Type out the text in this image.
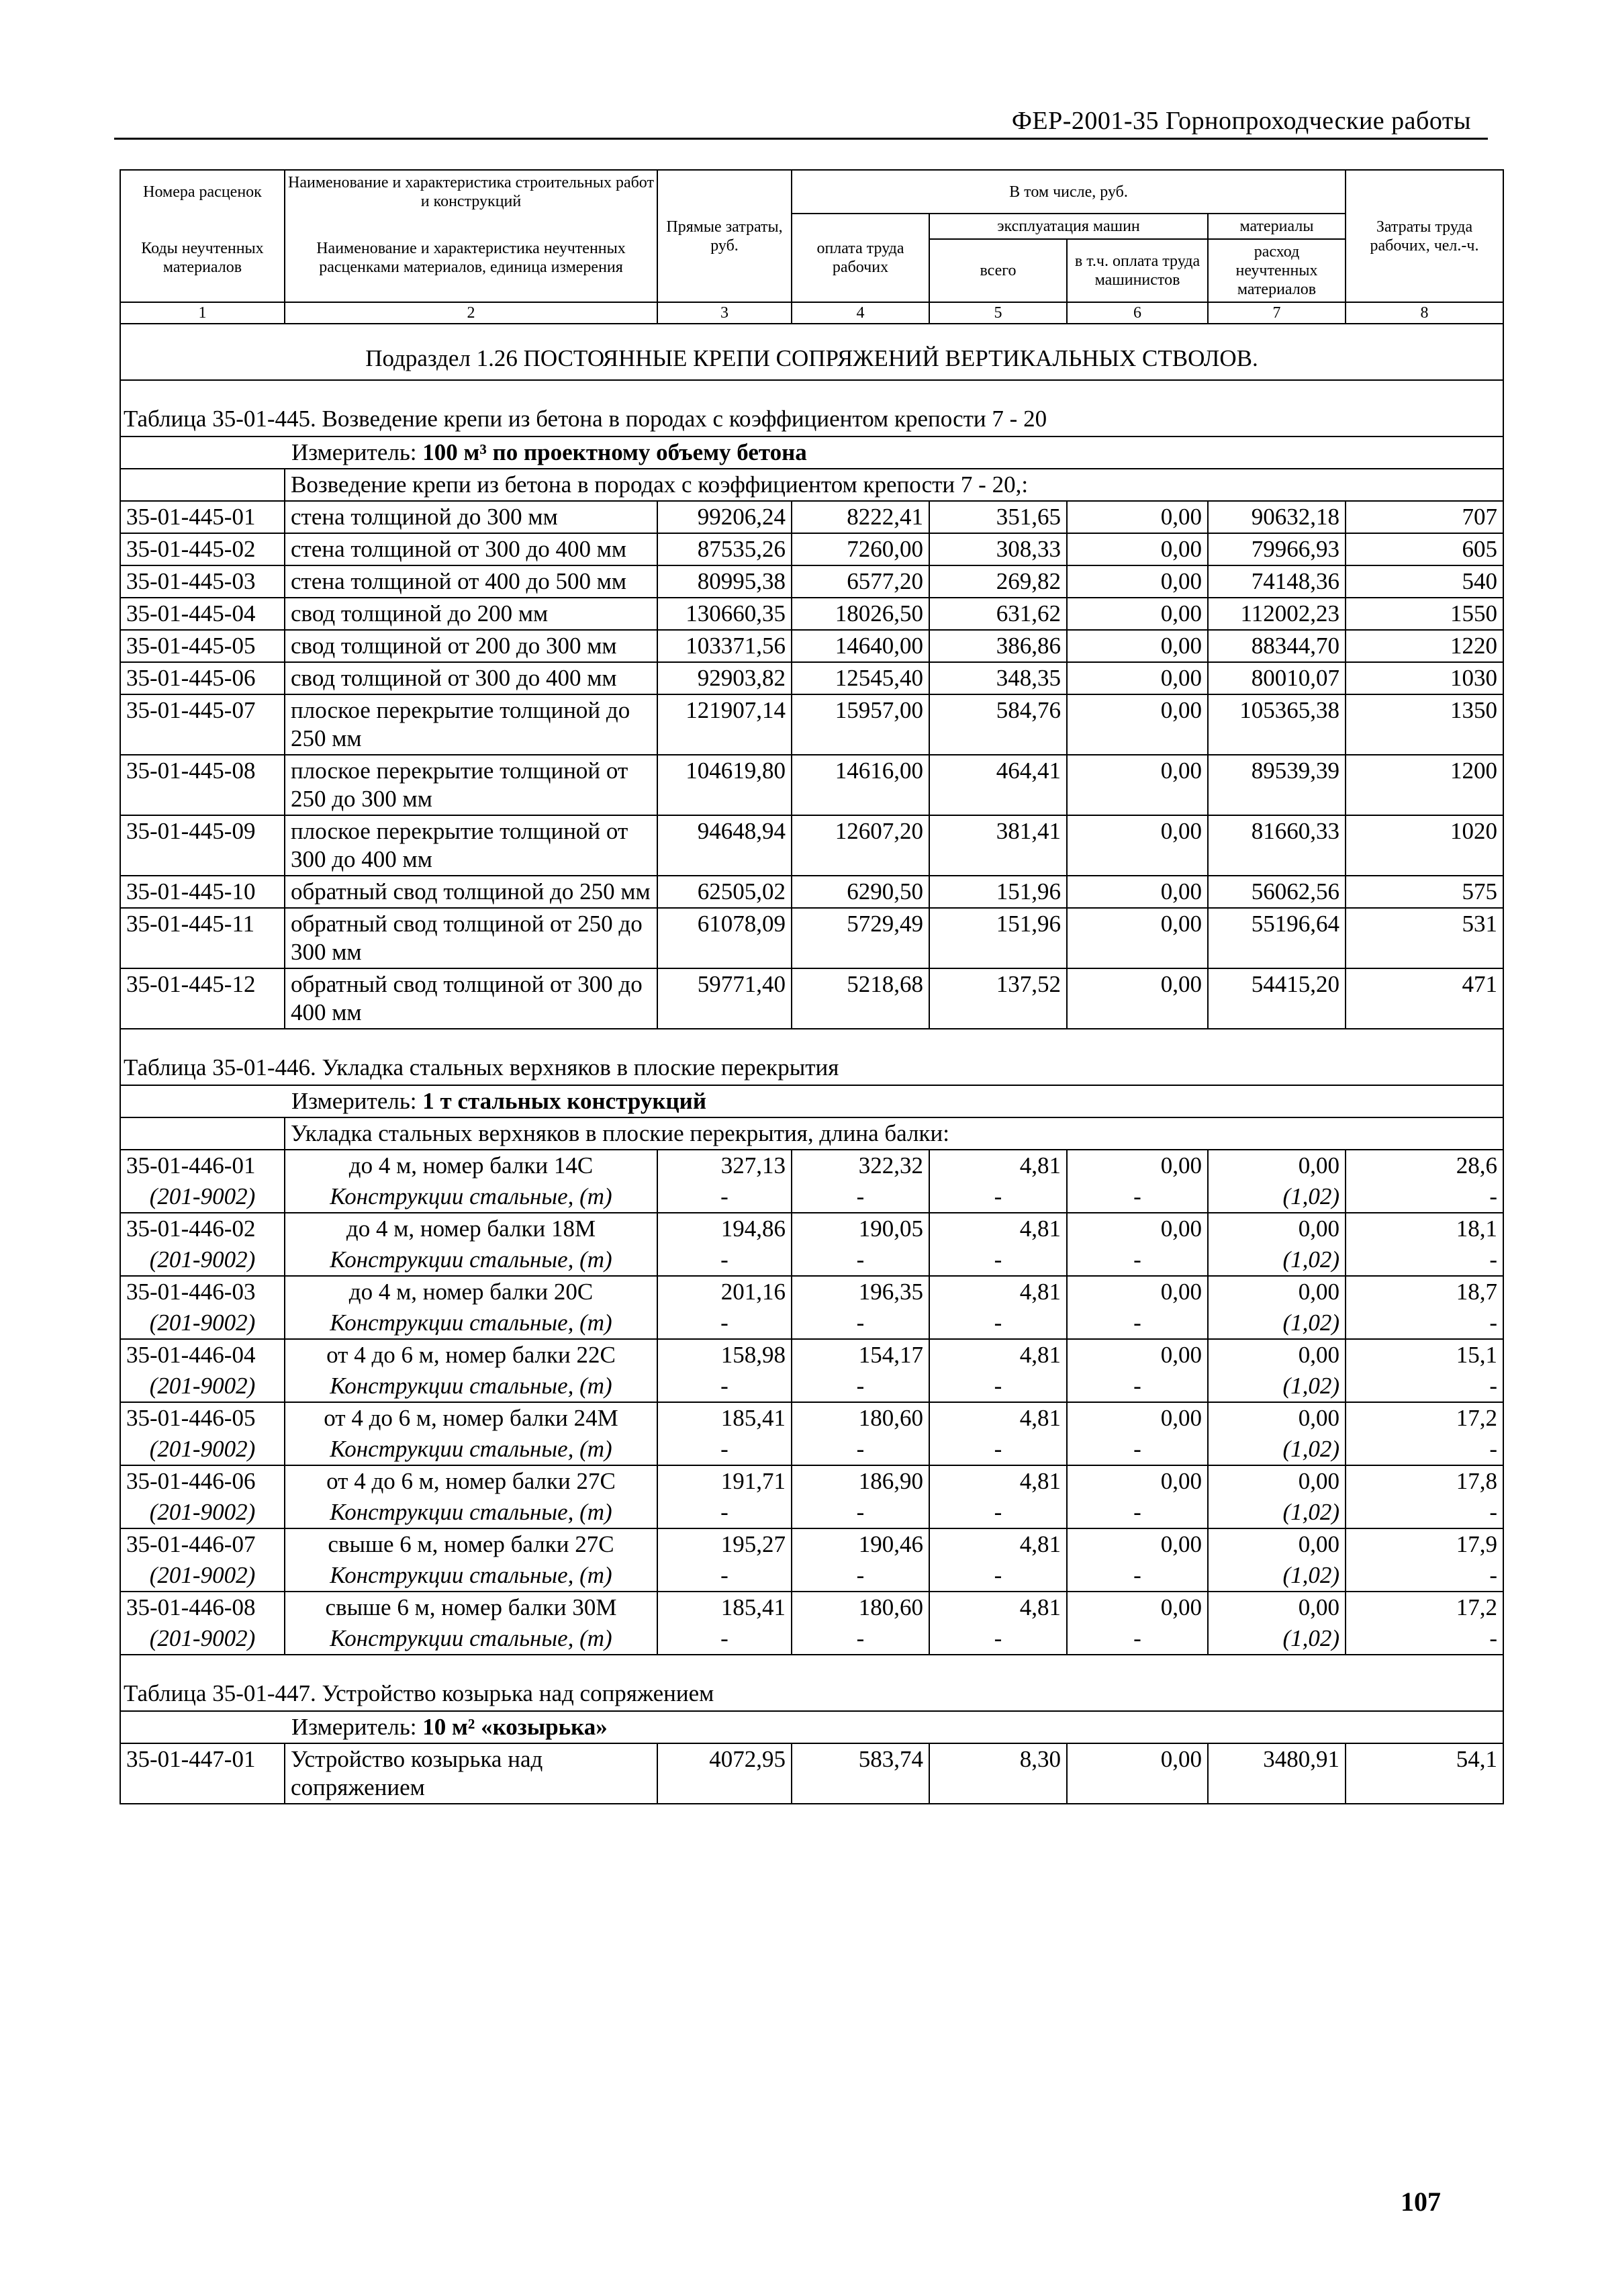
ФЕР-2001-35 Горнопроходческие работы
Номера расценок	Наименование и характеристика строительных работ и конструкций	Прямые затраты, руб.	В том числе, руб.				Затраты труда рабочих, чел.-ч.
Коды неучтенных материалов	Наименование и характеристика неучтенных расценками материалов, единица измерения		оплата труда рабочих	эксплуатация машин		материалы	
				всего	в т.ч. оплата труда машинистов	расход неучтенных материалов	
1	2	3	4	5	6	7	8
Подраздел 1.26 ПОСТОЯННЫЕ КРЕПИ СОПРЯЖЕНИЙ ВЕРТИКАЛЬНЫХ СТВОЛОВ.							
Таблица 35-01-445. Возведение крепи из бетона в породах с коэффициентом крепости 7 - 20							
Измеритель: 100 м³ по проектному объему бетона							
	Возведение крепи из бетона в породах с коэффициентом крепости 7 - 20,:						
35-01-445-01	стена толщиной до 300 мм	99206,24	8222,41	351,65	0,00	90632,18	707
35-01-445-02	стена толщиной от 300 до 400 мм	87535,26	7260,00	308,33	0,00	79966,93	605
35-01-445-03	стена толщиной от 400 до 500 мм	80995,38	6577,20	269,82	0,00	74148,36	540
35-01-445-04	свод толщиной до 200 мм	130660,35	18026,50	631,62	0,00	112002,23	1550
35-01-445-05	свод толщиной от 200 до 300 мм	103371,56	14640,00	386,86	0,00	88344,70	1220
35-01-445-06	свод толщиной от 300 до 400 мм	92903,82	12545,40	348,35	0,00	80010,07	1030
35-01-445-07	плоское перекрытие толщиной до 250 мм	121907,14	15957,00	584,76	0,00	105365,38	1350
35-01-445-08	плоское перекрытие толщиной от 250 до 300 мм	104619,80	14616,00	464,41	0,00	89539,39	1200
35-01-445-09	плоское перекрытие толщиной от 300 до 400 мм	94648,94	12607,20	381,41	0,00	81660,33	1020
35-01-445-10	обратный свод толщиной до 250 мм	62505,02	6290,50	151,96	0,00	56062,56	575
35-01-445-11	обратный свод толщиной от 250 до 300 мм	61078,09	5729,49	151,96	0,00	55196,64	531
35-01-445-12	обратный свод толщиной от 300 до 400 мм	59771,40	5218,68	137,52	0,00	54415,20	471
Таблица 35-01-446. Укладка стальных верхняков в плоские перекрытия							
Измеритель: 1 т стальных конструкций							
	Укладка стальных верхняков в плоские перекрытия, длина балки:						
35-01-446-01	до 4 м, номер балки 14С	327,13	322,32	4,81	0,00	0,00	28,6
(201-9002)	Конструкции стальные, (т)	-	-	-	-	(1,02)	-
35-01-446-02	до 4 м, номер балки 18М	194,86	190,05	4,81	0,00	0,00	18,1
(201-9002)	Конструкции стальные, (т)	-	-	-	-	(1,02)	-
35-01-446-03	до 4 м, номер балки 20С	201,16	196,35	4,81	0,00	0,00	18,7
(201-9002)	Конструкции стальные, (т)	-	-	-	-	(1,02)	-
35-01-446-04	от 4 до 6 м, номер балки 22С	158,98	154,17	4,81	0,00	0,00	15,1
(201-9002)	Конструкции стальные, (т)	-	-	-	-	(1,02)	-
35-01-446-05	от 4 до 6 м, номер балки 24М	185,41	180,60	4,81	0,00	0,00	17,2
(201-9002)	Конструкции стальные, (т)	-	-	-	-	(1,02)	-
35-01-446-06	от 4 до 6 м, номер балки 27С	191,71	186,90	4,81	0,00	0,00	17,8
(201-9002)	Конструкции стальные, (т)	-	-	-	-	(1,02)	-
35-01-446-07	свыше 6 м, номер балки 27С	195,27	190,46	4,81	0,00	0,00	17,9
(201-9002)	Конструкции стальные, (т)	-	-	-	-	(1,02)	-
35-01-446-08	свыше 6 м, номер балки 30М	185,41	180,60	4,81	0,00	0,00	17,2
(201-9002)	Конструкции стальные, (т)	-	-	-	-	(1,02)	-
Таблица 35-01-447. Устройство козырька над сопряжением							
Измеритель: 10 м² «козырька»							
35-01-447-01	Устройство козырька над сопряжением	4072,95	583,74	8,30	0,00	3480,91	54,1
107
